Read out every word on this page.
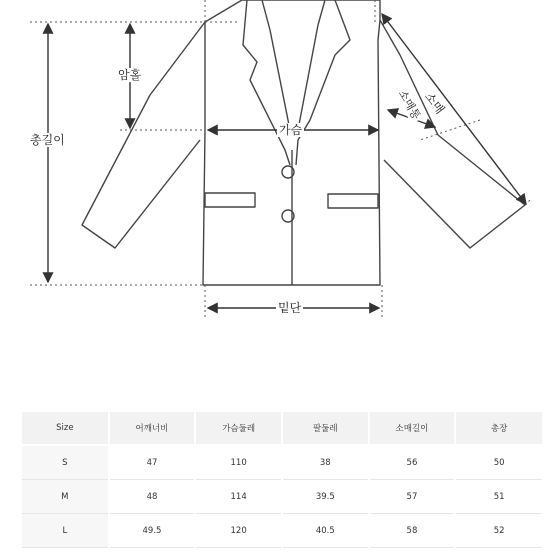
암홀
총길이
가슴
밑단
소매
소매통
Size	어깨너비	가슴둘레	팔둘레	소매길이	총장
S	47	110	38	56	50
M	48	114	39.5	57	51
L	49.5	120	40.5	58	52
